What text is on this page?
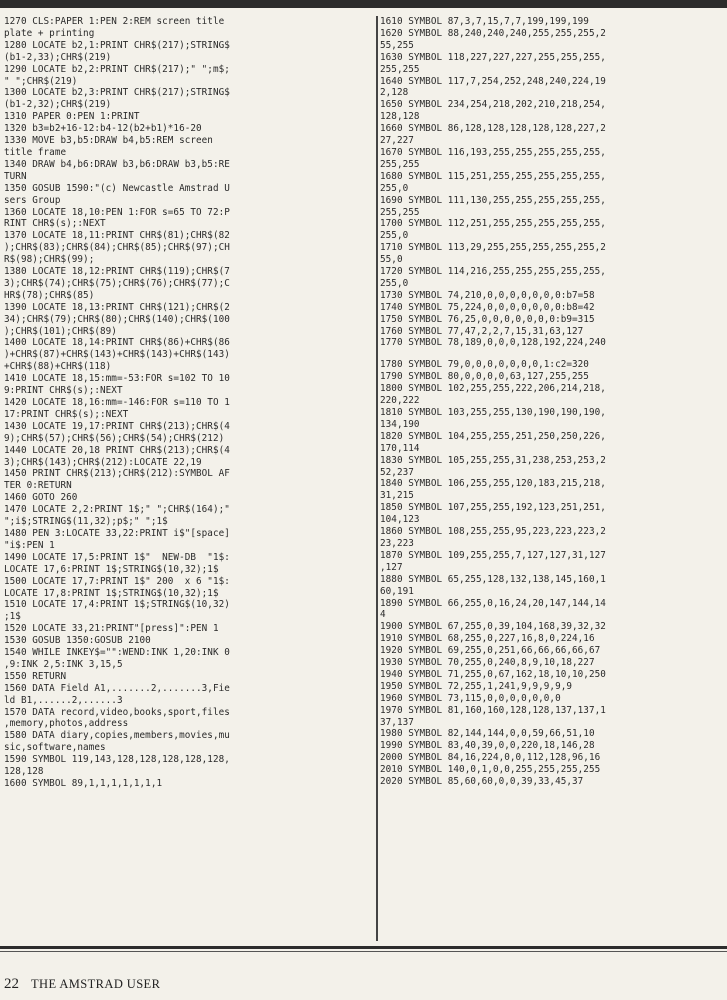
1270 CLS:PAPER 1:PEN 2:REM screen title
plate + printing
1280 LOCATE b2,1:PRINT CHR$(217);STRING$
(b1-2,33);CHR$(219)
1290 LOCATE b2,2:PRINT CHR$(217);" ";m$;
" ";CHR$(219)
1300 LOCATE b2,3:PRINT CHR$(217);STRING$
(b1-2,32);CHR$(219)
1310 PAPER 0:PEN 1:PRINT
1320 b3=b2+16-12:b4-12(b2+b1)*16-20
1330 MOVE b3,b5:DRAW b4,b5:REM screen
title frame
1340 DRAW b4,b6:DRAW b3,b6:DRAW b3,b5:RE
TURN
1350 GOSUB 1590:"(c) Newcastle Amstrad U
sers Group
1360 LOCATE 18,10:PEN 1:FOR s=65 TO 72:P
RINT CHR$(s);:NEXT
1370 LOCATE 18,11:PRINT CHR$(81);CHR$(82
);CHR$(83);CHR$(84);CHR$(85);CHR$(97);CH
R$(98);CHR$(99);
1380 LOCATE 18,12:PRINT CHR$(119);CHR$(7
3);CHR$(74);CHR$(75);CHR$(76);CHR$(77);C
HR$(78);CHR$(85)
1390 LOCATE 18,13:PRINT CHR$(121);CHR$(2
34);CHR$(79);CHR$(80);CHR$(140);CHR$(100
);CHR$(101);CHR$(89)
1400 LOCATE 18,14:PRINT CHR$(86)+CHR$(86
)+CHR$(87)+CHR$(143)+CHR$(143)+CHR$(143)
+CHR$(88)+CHR$(118)
1410 LOCATE 18,15:mm=-53:FOR s=102 TO 10
9:PRINT CHR$(s);:NEXT
1420 LOCATE 18,16:mm=-146:FOR s=110 TO 1
17:PRINT CHR$(s);:NEXT
1430 LOCATE 19,17:PRINT CHR$(213);CHR$(4
9);CHR$(57);CHR$(56);CHR$(54);CHR$(212)
1440 LOCATE 20,18 PRINT CHR$(213);CHR$(4
3);CHR$(143);CHR$(212):LOCATE 22,19
1450 PRINT CHR$(213);CHR$(212):SYMBOL AF
TER 0:RETURN
1460 GOTO 260
1470 LOCATE 2,2:PRINT 1$;" ";CHR$(164);"
";i$;STRING$(11,32);p$;" ";1$
1480 PEN 3:LOCATE 33,22:PRINT i$"[space]
"i$:PEN 1
1490 LOCATE 17,5:PRINT 1$"  NEW-DB  "1$:
LOCATE 17,6:PRINT 1$;STRING$(10,32);1$
1500 LOCATE 17,7:PRINT 1$" 200  x 6 "1$:
LOCATE 17,8:PRINT 1$;STRING$(10,32);1$
1510 LOCATE 17,4:PRINT 1$;STRING$(10,32)
;1$
1520 LOCATE 33,21:PRINT"[press]":PEN 1
1530 GOSUB 1350:GOSUB 2100
1540 WHILE INKEY$="":WEND:INK 1,20:INK 0
,9:INK 2,5:INK 3,15,5
1550 RETURN
1560 DATA Field A1,.......2,.......3,Fie
ld B1,......2,......3
1570 DATA record,video,books,sport,files
,memory,photos,address
1580 DATA diary,copies,members,movies,mu
sic,software,names
1590 SYMBOL 119,143,128,128,128,128,128,
128,128
1600 SYMBOL 89,1,1,1,1,1,1,1
1610 SYMBOL 87,3,7,15,7,7,199,199,199
1620 SYMBOL 88,240,240,240,255,255,255,2
55,255
1630 SYMBOL 118,227,227,227,255,255,255,
255,255
1640 SYMBOL 117,7,254,252,248,240,224,19
2,128
1650 SYMBOL 234,254,218,202,210,218,254,
128,128
1660 SYMBOL 86,128,128,128,128,128,227,2
27,227
1670 SYMBOL 116,193,255,255,255,255,255,
255,255
1680 SYMBOL 115,251,255,255,255,255,255,
255,0
1690 SYMBOL 111,130,255,255,255,255,255,
255,255
1700 SYMBOL 112,251,255,255,255,255,255,
255,0
1710 SYMBOL 113,29,255,255,255,255,255,2
55,0
1720 SYMBOL 114,216,255,255,255,255,255,
255,0
1730 SYMBOL 74,210,0,0,0,0,0,0,0:b7=58
1740 SYMBOL 75,224,0,0,0,0,0,0,0:b8=42
1750 SYMBOL 76,25,0,0,0,0,0,0,0:b9=315
1760 SYMBOL 77,47,2,2,7,15,31,63,127
1770 SYMBOL 78,189,0,0,0,128,192,224,240
1780 SYMBOL 79,0,0,0,0,0,0,0,1:c2=320
1790 SYMBOL 80,0,0,0,0,63,127,255,255
1800 SYMBOL 102,255,255,222,206,214,218,
220,222
1810 SYMBOL 103,255,255,130,190,190,190,
134,190
1820 SYMBOL 104,255,255,251,250,250,226,
170,114
1830 SYMBOL 105,255,255,31,238,253,253,2
52,237
1840 SYMBOL 106,255,255,120,183,215,218,
31,215
1850 SYMBOL 107,255,255,192,123,251,251,
104,123
1860 SYMBOL 108,255,255,95,223,223,223,2
23,223
1870 SYMBOL 109,255,255,7,127,127,31,127
,127
1880 SYMBOL 65,255,128,132,138,145,160,1
60,191
1890 SYMBOL 66,255,0,16,24,20,147,144,14
4
1900 SYMBOL 67,255,0,39,104,168,39,32,32
1910 SYMBOL 68,255,0,227,16,8,0,224,16
1920 SYMBOL 69,255,0,251,66,66,66,66,67
1930 SYMBOL 70,255,0,240,8,9,10,18,227
1940 SYMBOL 71,255,0,67,162,18,10,10,250
1950 SYMBOL 72,255,1,241,9,9,9,9,9
1960 SYMBOL 73,115,0,0,0,0,0,0,0
1970 SYMBOL 81,160,160,128,128,137,137,1
37,137
1980 SYMBOL 82,144,144,0,0,59,66,51,10
1990 SYMBOL 83,40,39,0,0,220,18,146,28
2000 SYMBOL 84,16,224,0,0,112,128,96,16
2010 SYMBOL 140,0,1,0,0,255,255,255,255
2020 SYMBOL 85,60,60,0,0,39,33,45,37
22 THE AMSTRAD USER
